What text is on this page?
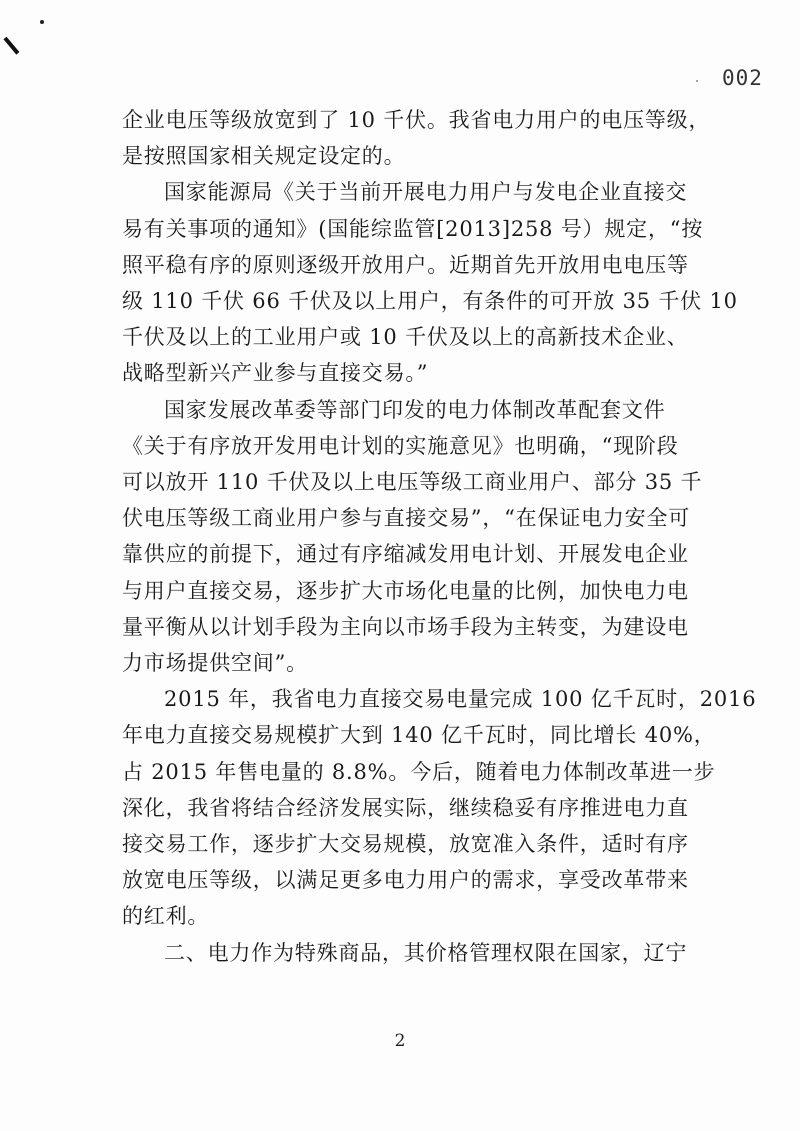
002

企业电压等级放宽到了 10 千伏。我省电力用户的电压等级，
是按照国家相关规定设定的。

国家能源局《关于当前开展电力用户与发电企业直接交
易有关事项的通知》(国能综监管[2013]258 号）规定，“按
照平稳有序的原则逐级开放用户。近期首先开放用电电压等
级 110 千伏 66 千伏及以上用户，有条件的可开放 35 千伏 10
千伏及以上的工业用户或 10 千伏及以上的高新技术企业、
战略型新兴产业参与直接交易。”

国家发展改革委等部门印发的电力体制改革配套文件
《关于有序放开发用电计划的实施意见》也明确，“现阶段
可以放开 110 千伏及以上电压等级工商业用户、部分 35 千
伏电压等级工商业用户参与直接交易”，“在保证电力安全可
靠供应的前提下，通过有序缩减发用电计划、开展发电企业
与用户直接交易，逐步扩大市场化电量的比例，加快电力电
量平衡从以计划手段为主向以市场手段为主转变，为建设电
力市场提供空间”。

2015 年，我省电力直接交易电量完成 100 亿千瓦时，2016
年电力直接交易规模扩大到 140 亿千瓦时，同比增长 40%，
占 2015 年售电量的 8.8%。今后，随着电力体制改革进一步
深化，我省将结合经济发展实际，继续稳妥有序推进电力直
接交易工作，逐步扩大交易规模，放宽准入条件，适时有序
放宽电压等级，以满足更多电力用户的需求，享受改革带来
的红利。

二、电力作为特殊商品，其价格管理权限在国家，辽宁

2
